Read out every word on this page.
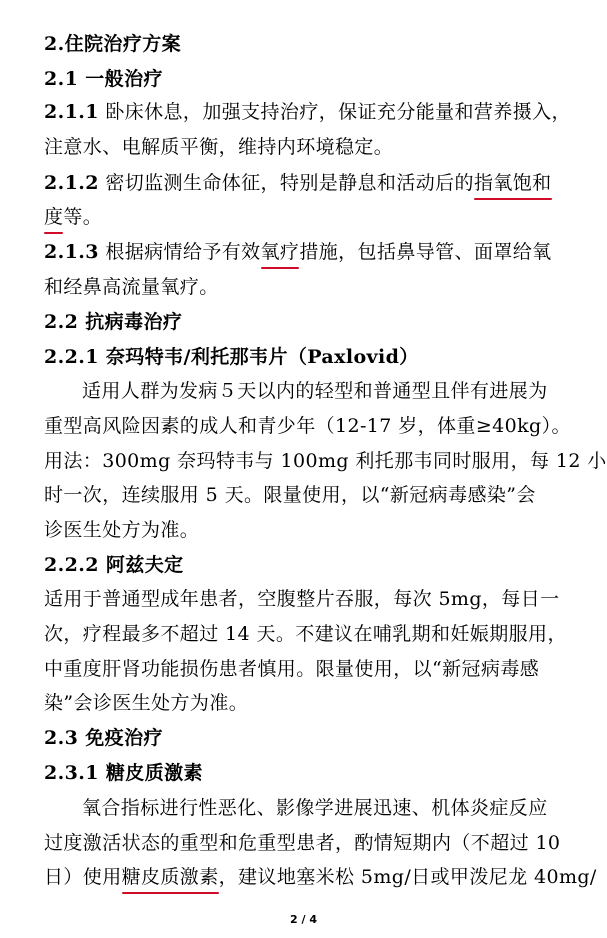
2.住院治疗方案
2.1 一般治疗
2.1.1 卧床休息，加强支持治疗，保证充分能量和营养摄入，
注意水、电解质平衡，维持内环境稳定。
2.1.2 密切监测生命体征，特别是静息和活动后的指氧饱和
度等。
2.1.3 根据病情给予有效氧疗措施，包括鼻导管、面罩给氧
和经鼻高流量氧疗。
2.2 抗病毒治疗
2.2.1 奈玛特韦/利托那韦片（Paxlovid）
适用人群为发病５天以内的轻型和普通型且伴有进展为
重型高风险因素的成人和青少年（12-17 岁，体重≥40kg）。
用法：300mg 奈玛特韦与 100mg 利托那韦同时服用，每 12 小
时一次，连续服用 5 天。限量使用，以“新冠病毒感染”会
诊医生处方为准。
2.2.2 阿兹夫定
适用于普通型成年患者，空腹整片吞服，每次 5mg，每日一
次，疗程最多不超过 14 天。不建议在哺乳期和妊娠期服用，
中重度肝肾功能损伤患者慎用。限量使用，以“新冠病毒感
染”会诊医生处方为准。
2.3 免疫治疗
2.3.1 糖皮质激素
氧合指标进行性恶化、影像学进展迅速、机体炎症反应
过度激活状态的重型和危重型患者，酌情短期内（不超过 10
日）使用糖皮质激素，建议地塞米松 5mg/日或甲泼尼龙 40mg/
2 / 4
